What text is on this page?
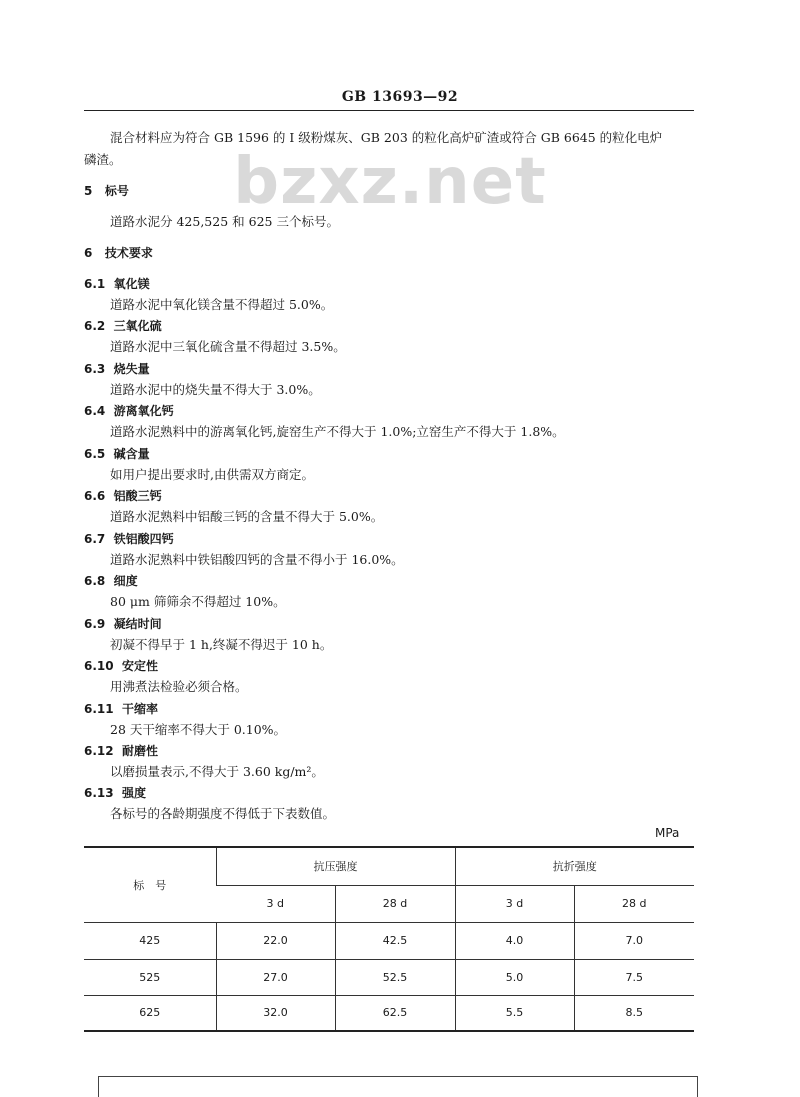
GB 13693—92
bzxz.net
混合材料应为符合 GB 1596 的 I 级粉煤灰、GB 203 的粒化高炉矿渣或符合 GB 6645 的粒化电炉
磷渣。
5 标号
道路水泥分 425,525 和 625 三个标号。
6 技术要求
6.1 氧化镁
道路水泥中氧化镁含量不得超过 5.0%。
6.2 三氧化硫
道路水泥中三氧化硫含量不得超过 3.5%。
6.3 烧失量
道路水泥中的烧失量不得大于 3.0%。
6.4 游离氧化钙
道路水泥熟料中的游离氧化钙,旋窑生产不得大于 1.0%;立窑生产不得大于 1.8%。
6.5 碱含量
如用户提出要求时,由供需双方商定。
6.6 铝酸三钙
道路水泥熟料中铝酸三钙的含量不得大于 5.0%。
6.7 铁铝酸四钙
道路水泥熟料中铁铝酸四钙的含量不得小于 16.0%。
6.8 细度
80 μm 筛筛余不得超过 10%。
6.9 凝结时间
初凝不得早于 1 h,终凝不得迟于 10 h。
6.10 安定性
用沸煮法检验必须合格。
6.11 干缩率
28 天干缩率不得大于 0.10%。
6.12 耐磨性
以磨损量表示,不得大于 3.60 kg/m²。
6.13 强度
各标号的各龄期强度不得低于下表数值。
MPa
标　号	抗压强度		抗折强度	
	3 d	28 d	3 d	28 d
425	22.0	42.5	4.0	7.0
525	27.0	52.5	5.0	7.5
625	32.0	62.5	5.5	8.5
